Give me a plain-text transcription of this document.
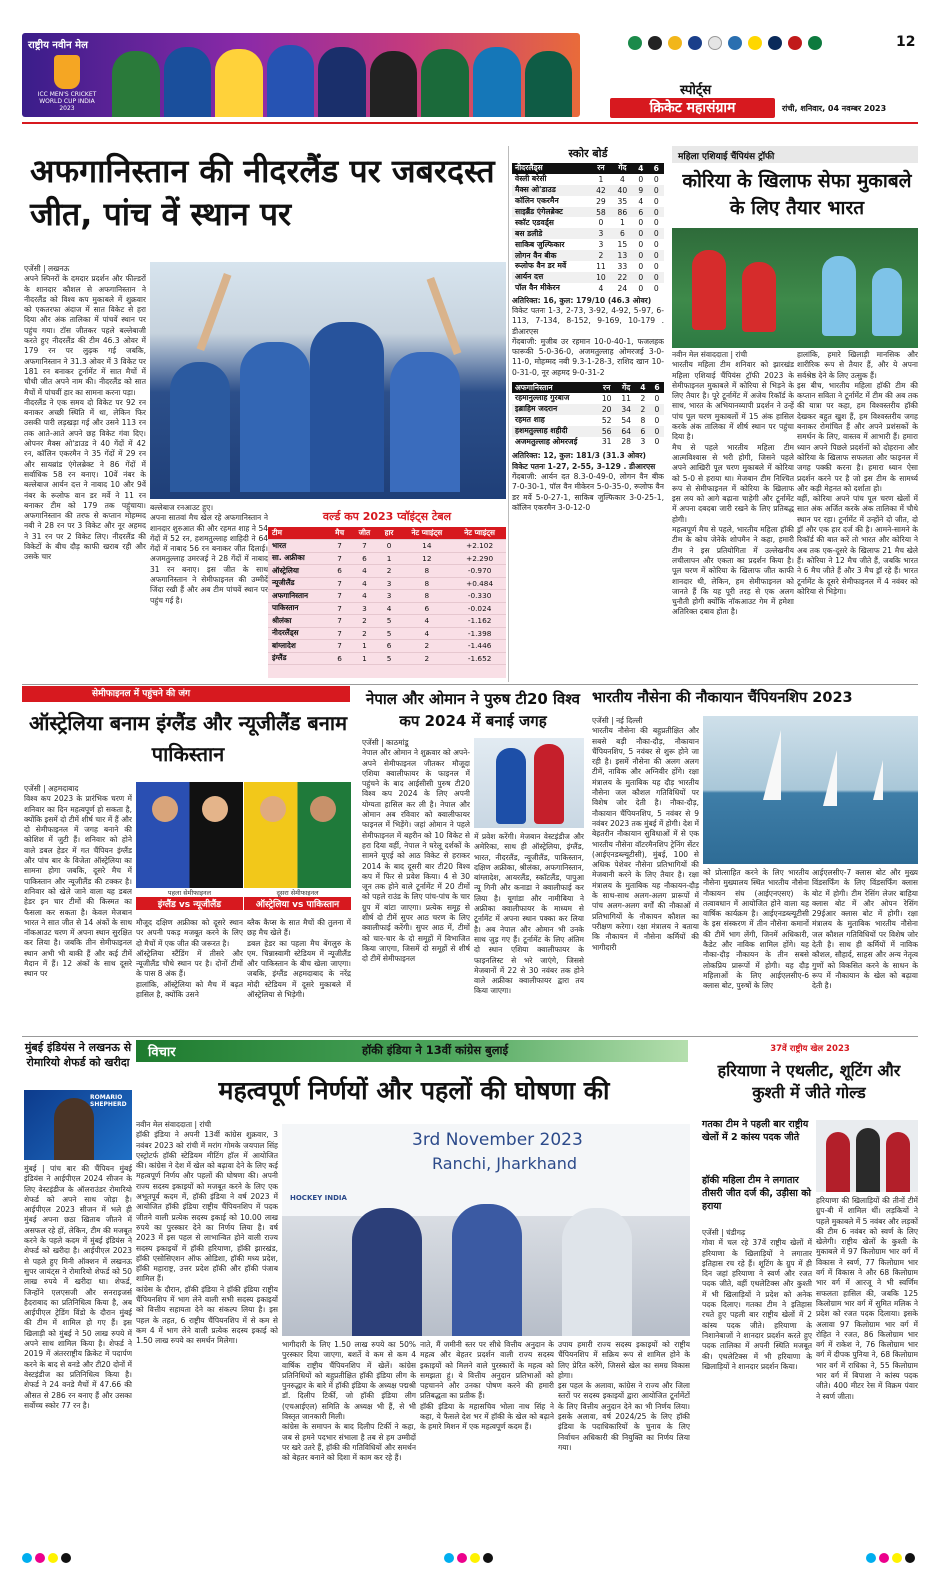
राष्ट्रीय नवीन मेल
ICC MEN'S CRICKET WORLD CUP INDIA 2023
12
स्पोर्ट्स
क्रिकेट महासंग्राम	रांची, शनिवार, 04 नवम्बर 2023
अफगानिस्तान की नीदरलैंड पर जबरदस्त जीत, पांच वें स्थान पर
एजेंसी | लखनऊ
अपने स्पिनरों के दमदार प्रदर्शन और फील्डरों के शानदार कौशल से अफगानिस्तान ने नीदरलैंड को विश्व कप मुकाबले में शुक्रवार को एकतरफा अंदाज में सात विकेट से हरा दिया और अंक तालिका में पांचवें स्थान पर पहुंच गया। टॉस जीतकर पहले बल्लेबाजी करते हुए नीदरलैंड की टीम 46.3 ओवर में 179 रन पर लुढ़क गई जबकि, अफगानिस्तान ने 31.3 ओवर में 3 विकेट पर 181 रन बनाकर टूर्नामेंट में सात मैचों में चौथी जीत अपने नाम की। नीदरलैंड को सात मैचों में पांचवीं हार का सामना करना पड़ा।
नीदरलैंड ने एक समय दो विकेट पर 92 रन बनाकर अच्छी स्थिति में था, लेकिन फिर उसकी पारी लड़खड़ा गई और उसने 113 रन तक आते-आते अपने छह विकेट गंवा दिए। ओपनर मैक्स ओ'डाउड ने 40 गेंदों में 42 रन, कॉलिन एकरमैन ने 35 गेंदों में 29 रन और सायब्रांड एंगेलब्रेक्ट ने 86 गेंदों में सर्वाधिक 58 रन बनाए। 10वें नंबर के बल्लेबाज आर्यन दत्त ने नाबाद 10 और 9वें नंबर के रूलोफ वान डर मर्वे ने 11 रन बनाकर टीम को 179 तक पहुंचाया। अफगानिस्तान की तरफ से कप्तान मोहम्मद नबी ने 28 रन पर 3 विकेट और नूर अहमद ने 31 रन पर 2 विकेट लिए। नीदरलैंड की विकेटों के बीच दौड़ काफी खराब रही और उसके चार
बल्लेबाज रनआउट हुए।
अपना सातवां मैच खेल रहे अफगानिस्तान ने शानदार शुरुआत की और रहमत शाह ने 54 गेंदों में 52 रन, हशमतुल्लाह शाहिदी ने 64 गेंदों में नाबाद 56 रन बनाकर जीत दिलाई। अजमतुल्लाह उमरजई ने 28 गेंदों में नाबाद 31 रन बनाए। इस जीत के साथ अफगानिस्तान ने सेमीफाइनल की उम्मीदें जिंदा रखी हैं और अब टीम पांचवें स्थान पर पहुंच गई है।
वर्ल्ड कप 2023 प्वॉइंट्स टेबल
टीम	मैच	जीत	हार	नेट प्वाइंट्स	नेट प्वाइंट्स
भारत	7	7	0	14	+2.102
सा. अफ्रीका	7	6	1	12	+2.290
ऑस्ट्रेलिया	6	4	2	8	-0.970
न्यूजीलैंड	7	4	3	8	+0.484
अफगानिस्तान	7	4	3	8	-0.330
पाकिस्तान	7	3	4	6	-0.024
श्रीलंका	7	2	5	4	-1.162
नीदरलैंड्स	7	2	5	4	-1.398
बांग्लादेश	7	1	6	2	-1.446
इंग्लैंड	6	1	5	2	-1.652
स्कोर बोर्ड
नीदरलैंड्स	रन	गेंद	4	6
वेस्ली बरेसी	1	4	0	0
मैक्स ओ'डाउड	42	40	9	0
कॉलिन एकरमैन	29	35	4	0
साइब्रैंड एंगेलब्रेक्ट	58	86	6	0
स्कॉट एडवर्ड्स	0	1	0	0
बस डलीडे	3	6	0	0
साकिब जुल्फिकार	3	15	0	0
लोगन वैन बीक	2	13	0	0
रूलोफ वैन डर मर्वे	11	33	0	0
आर्यन दत्त	10	22	0	0
पॉल वैन मीकेरन	4	24	0	0
अतिरिक्त: 16, कुल: 179/10 (46.3 ओवर)
विकेट पतनः 1-3, 2-73, 3-92, 4-92, 5-97, 6-113, 7-134, 8-152, 9-169, 10-179 . डीआरएस
गेंदबाजी: मुजीब उर रहमान 10-0-40-1, फजलहक फारूकी 5-0-36-0, अजमतुल्लाह ओमरजई 3-0-11-0, मोहम्मद नबी 9.3-1-28-3, राशिद खान 10-0-31-0, नूर अहमद 9-0-31-2
अफगानिस्तान	रन	गेंद	4	6
रहमानुल्लाह गुरबाज	10	11	2	0
इब्राहिम जदरान	20	34	2	0
रहमत शाह	52	54	8	0
हशमतुल्लाह शहीदी	56	64	6	0
अजमतुल्लाह ओमरजई	31	28	3	0
अतिरिक्त: 12, कुल: 181/3 (31.3 ओवर)
विकेट पतनः 1-27, 2-55, 3-129 . डीआरएस
गेंदबाजी: आर्यन दत 8.3-0-49-0, लोगन वैन बीक 7-0-30-1, पॉल वैन मीकेरन 5-0-35-0, रूलोफ वैन डर मर्वे 5-0-27-1, साकिब जुल्फिकार 3-0-25-1, कॉलिन एकरमैन 3-0-12-0
महिला एशियाई चैंपियंस ट्रॉफी
कोरिया के खिलाफ सेफा मुकाबले के लिए तैयार भारत
नवीन मेल संवाददाता | रांची
भारतीय महिला टीम शनिवार को झारखंड महिला एशियाई चैंपियंस ट्रॉफी 2023 के सेमीफाइनल मुकाबले में कोरिया से भिड़ने के लिए तैयार है। पूरे टूर्नामेंट में अजेय रिकॉर्ड के साथ, भारत के अभियानव्यापी प्रदर्शन ने उन्हें पांच पूल चरण मुकाबलों में 15 अंक हासिल करके अंक तालिका में शीर्ष स्थान पर पहुंचा दिया है।
मैच से पहले भारतीय महिला टीम आत्मविश्वास से भरी होगी, जिसने पहले अपने आखिरी पूल चरण मुकाबले में कोरिया को 5-0 से हराया था। मेजबान टीम निश्चित रूप से सेमीफाइनल में कोरिया के खिलाफ इस लय को आगे बढ़ाना चाहेगी और टूर्नामेंट में अपना दबदबा जारी रखने के लिए प्रतिबद्ध होगी।
महत्वपूर्ण मैच से पहले, भारतीय महिला हॉकी टीम के कोच जेनेके शोपमैन ने कहा, हमारी टीम ने इस प्रतियोगिता में उल्लेखनीय लचीलापन और एकता का प्रदर्शन किया है। पूल चरण में कोरिया के खिलाफ जीत काफी शानदार थी, लेकिन, हम सेमीफाइनल को जानते हैं कि यह पूरी तरह से एक अलग चुनौती होगी क्योंकि नॉकआउट गेम में हमेशा अतिरिक्त दबाव होता है।
हालांकि, हमारे खिलाड़ी मानसिक और शारीरिक रूप से तैयार हैं, और ये अपना सर्वश्रेष्ठ देने के लिए उत्सुक हैं।
इस बीच, भारतीय महिला हॉकी टीम की कप्तान सविता ने टूर्नामेंट में टीम की अब तक की यात्रा पर कहा, हम विश्वस्तरीय हॉकी देखकर बहुत खुश हैं, हम विश्वस्तरीय जगह बनाकर रोमांचित हैं और अपने प्रशंसकों के समर्थन के लिए, वास्तव में आभारी हैं। हमारा ध्यान अपने पिछले प्रदर्शनों को दोहराना और कोरिया के खिलाफ सफलता और फाइनल में जगह पक्की करना है। हमारा ध्यान ऐसा प्रदर्शन करने पर है जो इस टीम के सामर्थ्य और कड़ी मेहनत को दर्शाता हो।
वहीं, कोरिया अपने पांच पूल चरण खेलों में सात अंक अर्जित करके अंक तालिका में चौथे स्थान पर रहा। टूर्नामेंट में उन्होंने दो जीत, दो ड्रॉ और एक हार दर्ज की है। आमने-सामने के रिकॉर्ड की बात करें तो भारत और कोरिया ने अब तक एक-दूसरे के खिलाफ 21 मैच खेले हैं। कोरिया ने 12 मैच जीते हैं, जबकि भारत ने 6 मैच जीते हैं और 3 मैच ड्रॉ रहे हैं। भारत टूर्नामेंट के दूसरे सेमीफाइनल में 4 नवंबर को कोरिया से भिड़ेगा।
सेमीफाइनल में पहुंचने की जंग
ऑस्ट्रेलिया बनाम इंग्लैंड और न्यूजीलैंड बनाम पाकिस्तान
पहला सेमीफाइनल
इंग्लैंड vs न्यूजीलैंड
दूसरा सेमीफाइनल
ऑस्ट्रेलिया vs पाकिस्तान
एजेंसी | अहमदाबाद
विश्व कप 2023 के प्रारंभिक चरण में शनिवार का दिन महत्वपूर्ण हो सकता है, क्योंकि इसमें दो टीमें शीर्ष चार में हैं और दो सेमीफाइनल में जगह बनाने की कोशिश में जुटी हैं। शनिवार को होने वाले डबल हेडर में गत चैंपियन इंग्लैंड और पांच बार के विजेता ऑस्ट्रेलिया का सामना होगा जबकि, दूसरे मैच में पाकिस्तान और न्यूजीलैंड की टक्कर है। शनिवार को खेले जाने वाला यह डबल हेडर इन चार टीमों की किस्मत का फैसला कर सकता है। केवल मेजबान भारत ने सात जीत से 14 अंकों के साथ नॉकआउट चरण में अपना स्थान सुरक्षित कर लिया है। जबकि तीन सेमीफाइनल स्थान अभी भी बाकी हैं और कई टीमें मैदान में हैं। 12 अंकों के साथ दूसरे स्थान पर
मौजूद दक्षिण अफ्रीका को दूसरे स्थान पर अपनी पकड़ मजबूत करने के लिए दो मैचों में एक जीत की जरूरत है।
ऑस्ट्रेलिया स्टैंडिंग में तीसरे और न्यूजीलैंड चौथे स्थान पर है। दोनों टीमों के पास 8 अंक हैं।
हालांकि, ऑस्ट्रेलिया को मैच में बढ़त हासिल है, क्योंकि उसने
ब्लैक कैप्स के सात मैचों की तुलना में छह मैच खेले हैं।
डबल हेडर का पहला मैच बेंगलुरु के एम. चिन्नास्वामी स्टेडियम में न्यूजीलैंड और पाकिस्तान के बीच खेला जाएगा। जबकि, इंग्लैंड अहमदाबाद के नरेंद्र मोदी स्टेडियम में दूसरे मुकाबले में ऑस्ट्रेलिया से भिड़ेगी।
नेपाल और ओमान ने पुरुष टी20 विश्व कप 2024 में बनाई जगह
एजेंसी | काठमांडू
नेपाल और ओमान ने शुक्रवार को अपने-अपने सेमीफाइनल जीतकर मौजूदा एशिया क्वालीफायर के फाइनल में पहुंचने के बाद आईसीसी पुरुष टी20 विश्व कप 2024 के लिए अपनी योग्यता हासिल कर ली है। नेपाल और ओमान अब रविवार को क्वालीफायर फाइनल में भिड़ेंगे। जहां ओमान ने पहले सेमीफाइनल में बहरीन को 10 विकेट से हरा दिया वहीं, नेपाल ने घरेलू दर्शकों के सामने यूएई को आठ विकेट से हराकर 2014 के बाद दूसरी बार टी20 विश्व कप में फिर से प्रवेश किया। 4 से 30 जून तक होने वाले टूर्नामेंट में 20 टीमों को पहले राउंड के लिए पांच-पांच के चार ग्रुप में बांटा जाएगा। प्रत्येक समूह से शीर्ष दो टीमें सुपर आठ चरण के लिए क्वालीफाई करेंगी। सुपर आठ में, टीमों को चार-चार के दो समूहों में विभाजित किया जाएगा, जिसमें दो समूहों से शीर्ष दो टीमें सेमीफाइनल
में प्रवेश करेंगी। मेजबान वेस्टइंडीज और अमेरिका, साथ ही ऑस्ट्रेलिया, इंग्लैंड, भारत, नीदरलैंड, न्यूजीलैंड, पाकिस्तान, दक्षिण अफ्रीका, श्रीलंका, अफगानिस्तान, बांग्लादेश, आयरलैंड, स्कॉटलैंड, पापुआ न्यू गिनी और कनाडा ने क्वालीफाई कर लिया है। यूगांडा और नामीबिया ने अफ्रीका क्वालीफायर के माध्यम से टूर्नामेंट में अपना स्थान पक्का कर लिया है। अब नेपाल और ओमान भी उनके साथ जुड़ गए हैं। टूर्नामेंट के लिए अंतिम दो स्थान एशिया क्वालीफायर के फाइनलिस्ट से भरे जाएंगे, जिससे मेजबानों में 22 से 30 नवंबर तक होने वाले अफ्रीका क्वालीफायर द्वारा तय किया जाएगा।
भारतीय नौसेना की नौकायान चैंपियनशिप 2023
एजेंसी | नई दिल्ली
भारतीय नौसेना की बहुप्रतीक्षित और सबसे बड़ी नौका-दौड़, नौकायान चैंपियनशिप, 5 नवंबर से शुरू होने जा रही है। इसमें नौसेना की अलग अलग टीमें, नाविक और अग्निवीर होंगे। रक्षा मंत्रालय के मुताबिक यह दौड़ भारतीय नौसेना जल कौशल गतिविधियों पर विशेष जोर देती है। नौका-दौड़, नौकायान चैंपियनशिप, 5 नवंबर से 9 नवंबर 2023 तक मुंबई में होगी। देश में बेहतरीन नौकायान सुविधाओं में से एक भारतीय नौसेना वॉटरमैनशिप ट्रेनिंग सेंटर (आईएनडब्ल्यूटीसी), मुंबई, 100 से अधिक पेशेवर नौसेना प्रतिभागियों की मेजबानी करने के लिए तैयार है। रक्षा मंत्रालय के मुताबिक यह नौकायन-दौड़ के साथ-साथ अलग-अलग प्रारूपों में पांच अलग-अलग वर्गों की नौकाओं में प्रतिभागियों के नौकायन कौशल का परीक्षण करेगा। रक्षा मंत्रालय ने बताया कि नौकायन में नौसेना कर्मियों की भागीदारी
को प्रोत्साहित करने के लिए भारतीय नौसेना मुख्यालय स्थित भारतीय नौसेना नौकायन संघ (आईएनएसए) के तत्वावधान में आयोजित होने वाला यह वार्षिक कार्यक्रम है। आईएनडब्ल्यूटीसी के इस संस्करण में तीन नौसेना कमानों की टीमें भाग लेंगी, जिनमें अधिकारी, कैडेट और नाविक शामिल होंगे। यह नौका-दौड़ नौकायन के तीन सबसे लोकप्रिय प्रारूपों में होगी। यह दौड़ महिलाओं के लिए आईएलसीए-6 क्लास बोट, पुरुषों के लिए
आईएलसीए-7 क्लास बोट और मुख्य विंडसर्फिंग के लिए विंडसर्फिंग क्लास बोट में होगी। टीम रेसिंग लेजर बाहिया क्लास बोट में और ओपन रेसिंग 29ईआर क्लास बोट में होगी। रक्षा मंत्रालय के मुताबिक भारतीय नौसेना जल कौशल गतिविधियों पर विशेष जोर देती है। साथ ही कर्मियों में नाविक कौशल, सौहार्द, साहस और अन्य नेतृत्व गुणों को विकसित करने के साधन के रूप में नौकायान के खेल को बढ़ावा देती है।
मुंबई इंडियंस ने लखनऊ से रोमारियो शेफर्ड को खरीदा
ROMARIO SHEPHERD
मुंबई | पांच बार की चैंपियन मुंबई इंडियंस ने आईपीएल 2024 सीजन के लिए वेस्टइंडीज के ऑलराउंडर रोमारियो शेफर्ड को अपने साथ जोड़ा है। आईपीएल 2023 सीजन में भले ही मुंबई अपना छठा खिताब जीतने में असफल रहे हों, लेकिन, टीम की मजबूत करने के पहले कदम में मुंबई इंडियंस ने शेफर्ड को खरीदा है। आईपीएल 2023 से पहले हुए मिनी ऑक्शन में लखनऊ सुपर जायंट्स ने रोमारियो शेफर्ड को 50 लाख रुपये में खरीदा था। शेफर्ड, जिन्होंने एलएसजी और सनराइजर्स हैदराबाद का प्रतिनिधित्व किया है, अब आईपीएल ट्रेडिंग विंडो के दौरान मुंबई की टीम में शामिल हो गए हैं। इस खिलाड़ी को मुंबई ने 50 लाख रुपये में अपने साथ शामिल किया है। शेफर्ड ने 2019 में अंतरराष्ट्रीय क्रिकेट में पदार्पण करने के बाद से वनडे और टी20 दोनों में वेस्टइंडीज का प्रतिनिधित्व किया है। शेफर्ड ने 24 वनडे मैचों में 47.66 की औसत से 286 रन बनाए हैं और उसका सर्वोच्च स्कोर 77 रन है।
विचार	हॉकी इंडिया ने 13वीं कांग्रेस बुलाई
महत्वपूर्ण निर्णयों और पहलों की घोषणा की
नवीन मेल संवाददाता | रांची
हॉकी इंडिया ने अपनी 13वीं कांग्रेस शुक्रवार, 3 नवंबर 2023 को रांची में मरांग गोमके जयपाल सिंह एस्ट्रोटर्फ हॉकी स्टेडियम मीटिंग हॉल में आयोजित की। कांग्रेस ने देश में खेल को बढ़ावा देने के लिए कई महत्वपूर्ण निर्णय और पहलों की घोषणा की। अपनी राज्य सदस्य इकाइयों को मजबूत करने के लिए एक अभूतपूर्व कदम में, हॉकी इंडिया ने वर्ष 2023 में आयोजित हॉकी इंडिया राष्ट्रीय चैंपियनशिप में पदक जीतने वाली प्रत्येक सदस्य इकाई को 10.00 लाख रुपये का पुरस्कार देने का निर्णय लिया है। वर्ष 2023 में इस पहल से लाभान्वित होने वाली राज्य सदस्य इकाइयों में हॉकी हरियाणा, हॉकी झारखंड, हॉकी एसोसिएशन ऑफ ओडिशा, हॉकी मध्य प्रदेश, हॉकी महाराष्ट्र, उत्तर प्रदेश हॉकी और हॉकी पंजाब शामिल हैं।
कांग्रेस के दौरान, हॉकी इंडिया ने हॉकी इंडिया राष्ट्रीय चैंपियनशिप में भाग लेने वाली सभी सदस्य इकाइयों को वित्तीय सहायता देने का संकल्प लिया है। इस पहल के तहत, 6 राष्ट्रीय चैंपियनशिप में से कम से कम 4 में भाग लेने वाली प्रत्येक सदस्य इकाई को 1.50 लाख रुपये का समर्थन मिलेगा।
3rd November 2023
Ranchi, Jharkhand
HOCKEY INDIA
भागीदारी के लिए 1.50 लाख रुपये का 50% पुरस्कार दिया जाएगा, बशर्ते वे कम से कम 4 वार्षिक राष्ट्रीय चैंपियनशिप में खेलें। कांग्रेस प्रतिनिधियों को बहुप्रतीक्षित हॉकी इंडिया लीग के पुनरुद्धार के बारे में हॉकी इंडिया के अध्यक्ष पद्मश्री डॉ. दिलीप टिर्की, जो हॉकी इंडिया लीग (एचआईएल) समिति के अध्यक्ष भी हैं, से भी विस्तृत जानकारी मिली।
कांग्रेस के समापन के बाद दिलीप टिर्की ने कहा, जब से हमने पदभार संभाला है तब से हम उम्मीदों पर खरे उतरे हैं, हॉकी की गतिविधियों और समर्थन को बेहतर बनाने को दिशा में काम कर रहे हैं।
नाते, मैं जमीनी स्तर पर सीधे वित्तीय अनुदान के महत्व और बेहतर प्रदर्शन वाली राज्य सदस्य इकाइयों को मिलने वाले पुरस्कारों के महत्व को समझता हूं। ये वित्तीय अनुदान प्रतिभाओं को पहचानने और उनका पोषण करने की हमारी प्रतिबद्धता का प्रतीक हैं।
हॉकी इंडिया के महासचिव भोला नाथ सिंह ने कहा, ये फैसले देश भर में हॉकी के खेल को बढ़ाने के हमारे मिशन में एक महत्वपूर्ण कदम हैं।
उपाय हमारी राज्य सदस्य इकाइयों को राष्ट्रीय चैंपियनशिप में सक्रिय रूप से शामिल होने के लिए प्रेरित करेंगे, जिससे खेल का समग्र विकास होगा।
इस पहल के अलावा, कांग्रेस ने राज्य और जिला स्तरों पर सदस्य इकाइयों द्वारा आयोजित टूर्नामेंटों के लिए वित्तीय अनुदान देने का भी निर्णय लिया। इसके अलावा, वर्ष 2024/25 के लिए हॉकी इंडिया के पदाधिकारियों के चुनाव के लिए निर्वाचन अधिकारी की नियुक्ति का निर्णय लिया गया।
37वें राष्ट्रीय खेल 2023
हरियाणा ने एथलीट, शूटिंग और कुश्ती में जीते गोल्ड
गतका टीम ने पहली बार राष्ट्रीय खेलों में 2 कांस्य पदक जीते
हॉकी महिला टीम ने लगातार तीसरी जीत दर्ज की, उड़ीसा को हराया
एजेंसी | चंडीगढ़
गोवा में चल रहे 37वें राष्ट्रीय खेलों में हरियाणा के खिलाड़ियों ने लगातार इतिहास रच रहे हैं। शूटिंग के ग्रुप में ही दिन जहां हरियाणा ने स्वर्ण और रजत पदक जीते, वहीं एथलेटिक्स और कुश्ती में भी खिलाड़ियों ने प्रदेश को अनेक पदक दिलाए। गतका टीम ने इतिहास रचते हुए पहली बार राष्ट्रीय खेलों में 2 कांस्य पदक जीते। हरियाणा के निशानेबाजों ने शानदार प्रदर्शन करते हुए पदक तालिका में अपनी स्थिति मजबूत की। एथलेटिक्स में भी हरियाणा के खिलाड़ियों ने शानदार प्रदर्शन किया।
हरियाणा की खिलाड़ियों की तीनों टीमें ग्रुप-बी में शामिल थीं। लड़कियों ने पहले मुकाबले में 5 नवंबर और लड़कों की टीम 6 नवंबर को स्वर्ण के लिए खेलेगी। राष्ट्रीय खेलों के कुश्ती के मुकाबले में 97 किलोग्राम भार वर्ग में विकास ने स्वर्ण, 77 किलोग्राम भार वर्ग में विकास ने और 68 किलोग्राम भार वर्ग में आरजू ने भी स्वर्णिम सफलता हासिल की, जबकि 125 किलोग्राम भार वर्ग में सुमित मलिक ने प्रदेश को रजत पदक दिलाया। इसके अलावा 97 किलोग्राम भार वर्ग में रोहित ने रजत, 86 किलोग्राम भार वर्ग में राकेश ने, 76 किलोग्राम भार वर्ग में दीपक पुनिया ने, 68 किलोग्राम भार वर्ग में राधिका ने, 55 किलोग्राम भार वर्ग में बिपाशा ने कांस्य पदक जीते। 400 मीटर रेस में विक्रम पंवार ने स्वर्ण जीता।
